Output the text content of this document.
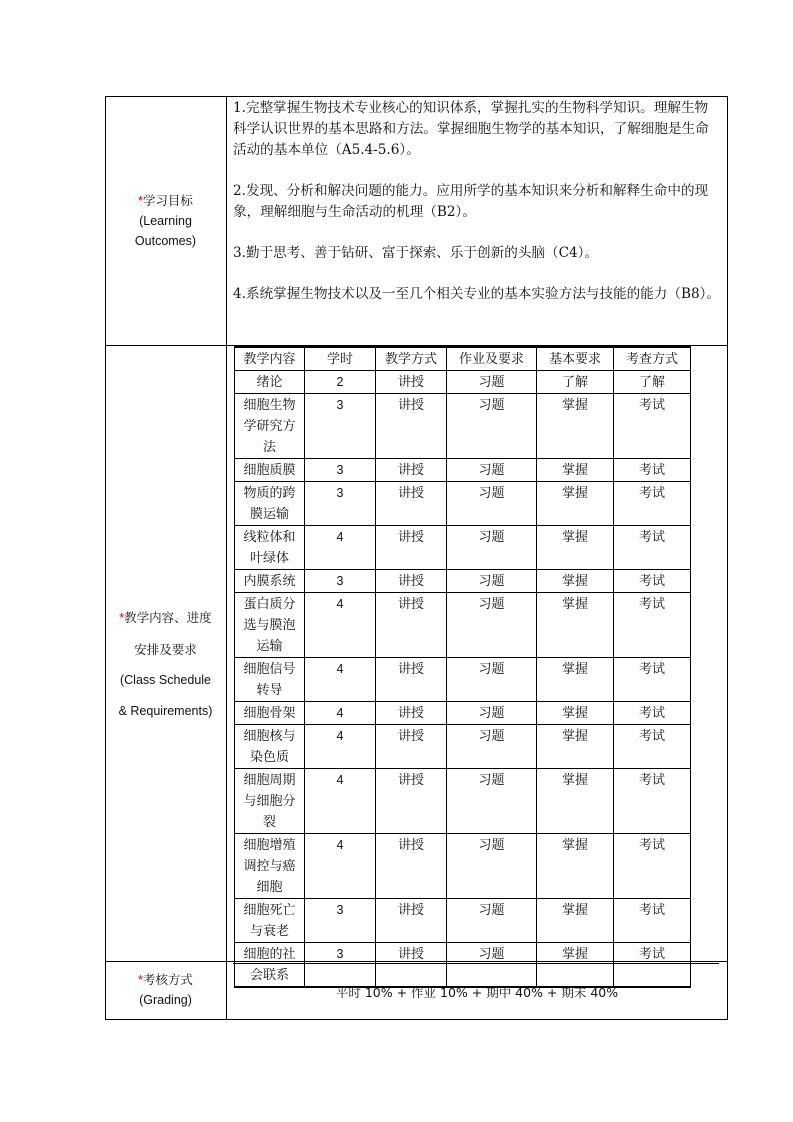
*学习目标
(Learning
Outcomes)

1.完整掌握生物技术专业核心的知识体系，掌握扎实的生物科学知识。理解生物科学认识世界的基本思路和方法。掌握细胞生物学的基本知识，了解细胞是生命活动的基本单位（A5.4-5.6）。

2.发现、分析和解决问题的能力。应用所学的基本知识来分析和解释生命中的现象，理解细胞与生命活动的机理（B2）。

3.勤于思考、善于钻研、富于探索、乐于创新的头脑（C4）。

4.系统掌握生物技术以及一至几个相关专业的基本实验方法与技能的能力（B8）。

*教学内容、进度
安排及要求
(Class Schedule
& Requirements)
教学内容	学时	教学方式	作业及要求	基本要求	考查方式
绪论	2	讲授	习题	了解	了解
细胞生物学研究方法	3	讲授	习题	掌握	考试
细胞质膜	3	讲授	习题	掌握	考试
物质的跨膜运输	3	讲授	习题	掌握	考试
线粒体和叶绿体	4	讲授	习题	掌握	考试
内膜系统	3	讲授	习题	掌握	考试
蛋白质分选与膜泡运输	4	讲授	习题	掌握	考试
细胞信号转导	4	讲授	习题	掌握	考试
细胞骨架	4	讲授	习题	掌握	考试
细胞核与染色质	4	讲授	习题	掌握	考试
细胞周期与细胞分裂	4	讲授	习题	掌握	考试
细胞增殖调控与癌细胞	4	讲授	习题	掌握	考试
细胞死亡与衰老	3	讲授	习题	掌握	考试
细胞的社会联系	3	讲授	习题	掌握	考试
*考核方式
(Grading)	平时 10% + 作业 10% + 期中 40% + 期末 40%
